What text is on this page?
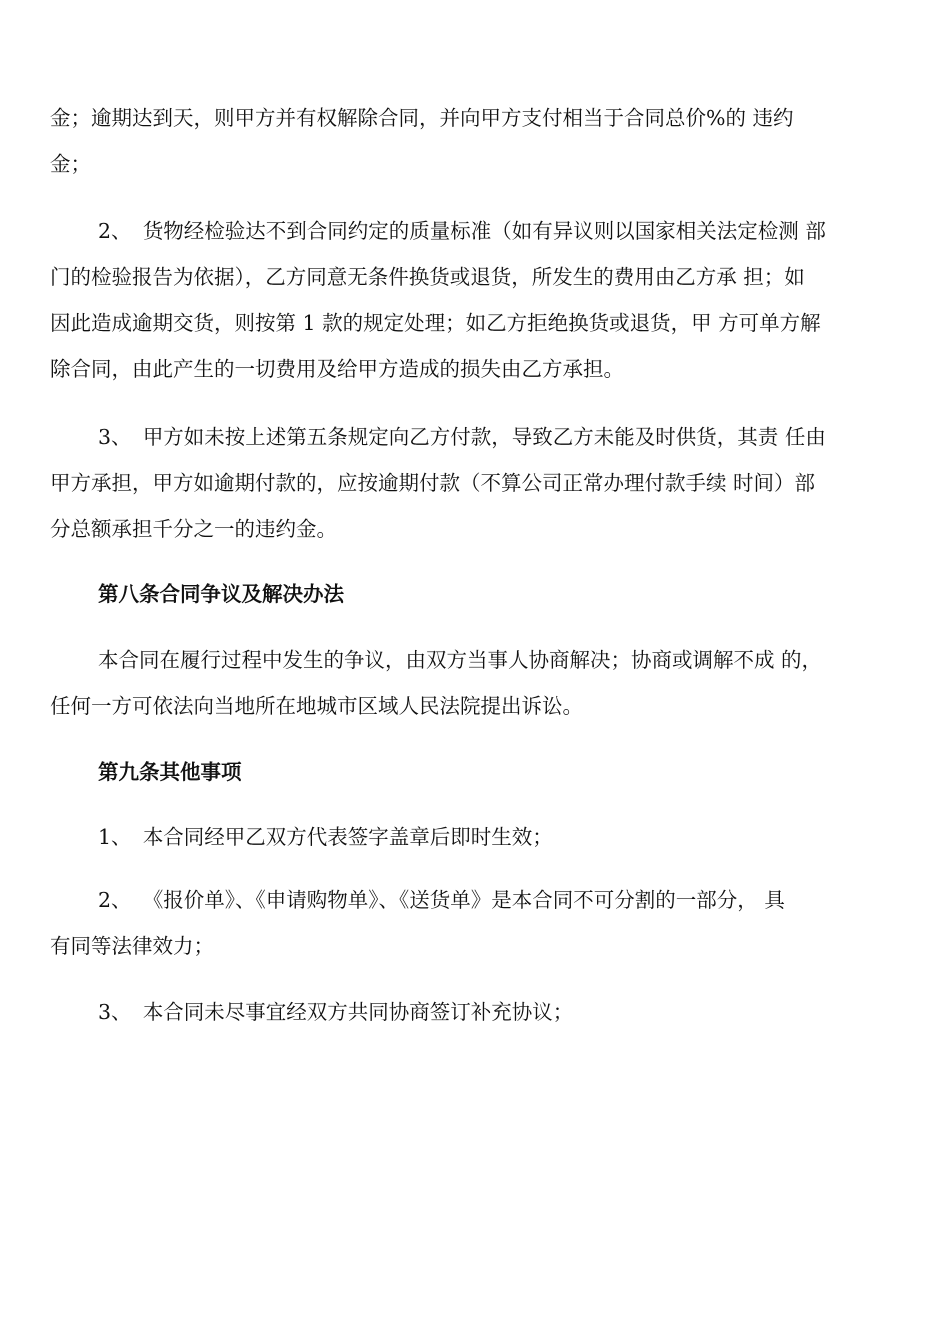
金；逾期达到天，则甲方并有权解除合同，并向甲方支付相当于合同总价%的 违约
金；
2、 货物经检验达不到合同约定的质量标准（如有异议则以国家相关法定检测 部
门的检验报告为依据），乙方同意无条件换货或退货，所发生的费用由乙方承 担；如
因此造成逾期交货，则按第 1 款的规定处理；如乙方拒绝换货或退货，甲 方可单方解
除合同，由此产生的一切费用及给甲方造成的损失由乙方承担。
3、 甲方如未按上述第五条规定向乙方付款，导致乙方未能及时供货，其责 任由
甲方承担，甲方如逾期付款的，应按逾期付款（不算公司正常办理付款手续 时间）部
分总额承担千分之一的违约金。
第八条合同争议及解决办法
本合同在履行过程中发生的争议，由双方当事人协商解决；协商或调解不成 的，
任何一方可依法向当地所在地城市区域人民法院提出诉讼。
第九条其他事项
1、 本合同经甲乙双方代表签字盖章后即时生效；
2、 《报价单》、《申请购物单》、《送货单》是本合同不可分割的一部分， 具
有同等法律效力；
3、 本合同未尽事宜经双方共同协商签订补充协议；
